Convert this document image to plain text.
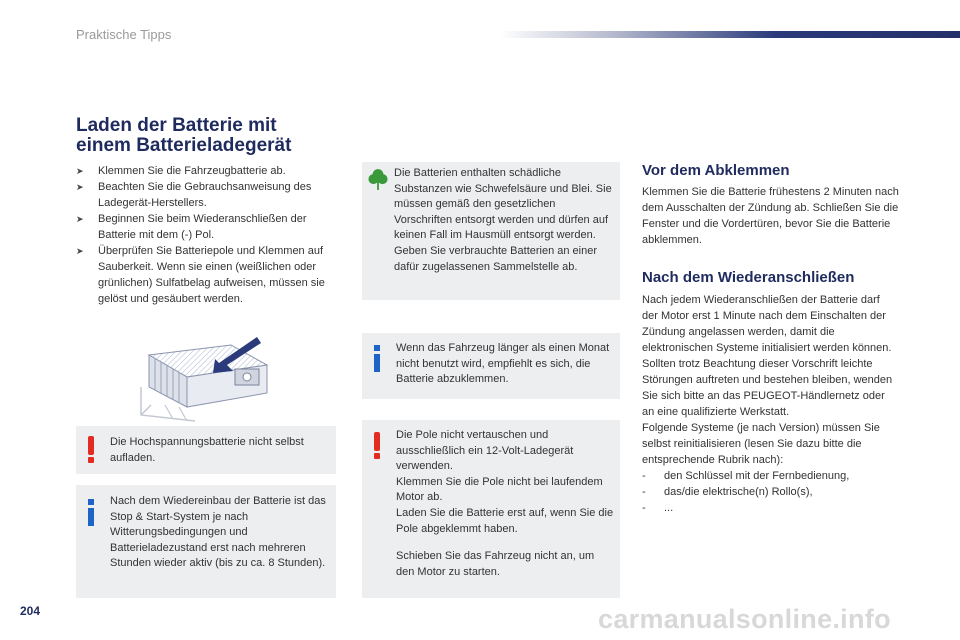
Praktische Tipps
Laden der Batterie mit
einem Batterieladegerät
➤ Klemmen Sie die Fahrzeugbatterie ab.
➤ Beachten Sie die Gebrauchsanweisung des Ladegerät-Herstellers.
➤ Beginnen Sie beim Wiederanschließen der Batterie mit dem (-) Pol.
➤ Überprüfen Sie Batteriepole und Klemmen auf Sauberkeit. Wenn sie einen (weißlichen oder grünlichen) Sulfatbelag aufweisen, müssen sie gelöst und gesäubert werden.
Die Hochspannungsbatterie nicht selbst aufladen.
Nach dem Wiedereinbau der Batterie ist das Stop & Start-System je nach Witterungsbedingungen und Batterieladezustand erst nach mehreren Stunden wieder aktiv (bis zu ca. 8 Stunden).
Die Batterien enthalten schädliche Substanzen wie Schwefelsäure und Blei. Sie müssen gemäß den gesetzlichen Vorschriften entsorgt werden und dürfen auf keinen Fall im Hausmüll entsorgt werden.
Geben Sie verbrauchte Batterien an einer dafür zugelassenen Sammelstelle ab.
Wenn das Fahrzeug länger als einen Monat nicht benutzt wird, empfiehlt es sich, die Batterie abzuklemmen.
Die Pole nicht vertauschen und ausschließlich ein 12-Volt-Ladegerät verwenden.
Klemmen Sie die Pole nicht bei laufendem Motor ab.
Laden Sie die Batterie erst auf, wenn Sie die Pole abgeklemmt haben.
Schieben Sie das Fahrzeug nicht an, um den Motor zu starten.
Vor dem Abklemmen

Klemmen Sie die Batterie frühestens 2 Minuten nach dem Ausschalten der Zündung ab. Schließen Sie die Fenster und die Vordertüren, bevor Sie die Batterie abklemmen.

Nach dem Wiederanschließen
Nach jedem Wiederanschließen der Batterie darf der Motor erst 1 Minute nach dem Einschalten der Zündung angelassen werden, damit die elektronischen Systeme initialisiert werden können. Sollten trotz Beachtung dieser Vorschrift leichte Störungen auftreten und bestehen bleiben, wenden Sie sich bitte an das PEUGEOT-Händlernetz oder an eine qualifizierte Werkstatt.
Folgende Systeme (je nach Version) müssen Sie selbst reinitialisieren (lesen Sie dazu bitte die entsprechende Rubrik nach):
- den Schlüssel mit der Fernbedienung,
- das/die elektrische(n) Rollo(s),
- ...
204	carmanualsonline.info
